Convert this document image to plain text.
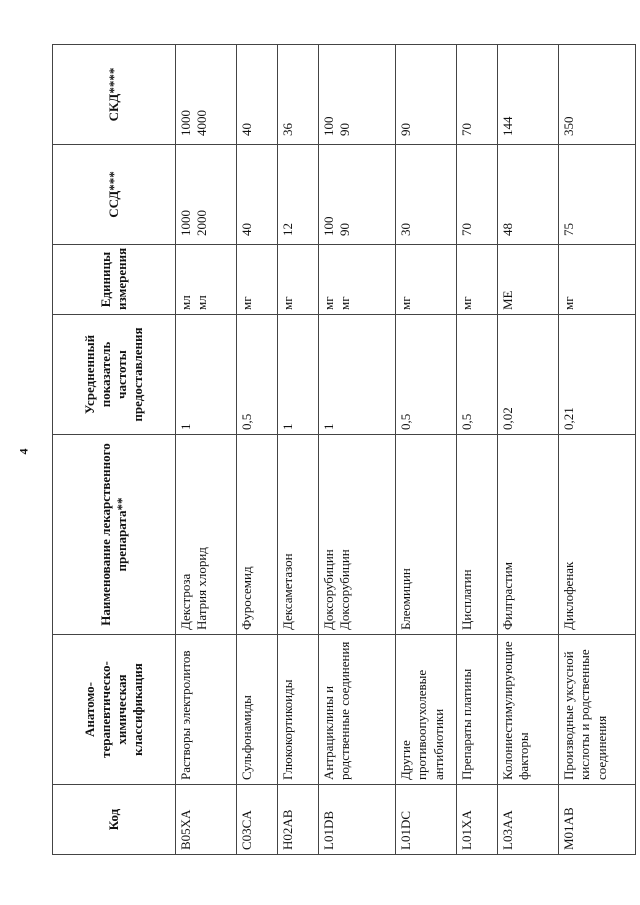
4
Код	Анатомо-терапевтическо-химическая классификация	Наименование лекарственного препарата**	Усредненный показатель частоты предоставления	Единицы измерения	ССД***	СКД****
B05XA	Растворы электролитов	Декстроза Натрия хлорид	1	мл мл	1000 2000	1000 4000

C03CA	Сульфонамиды	Фуросемид	0,5	мг	40	40
H02AB	Глюкокортикоиды	Дексаметазон	1	мг	12	36
L01DB	Антрациклины и родственные соединения	Доксорубицин Доксорубицин	1	мг мг	100 90	100 90

L01DC	Другие противоопухолевые антибиотики	Блеомицин	0,5	мг	30	90
L01XA	Препараты платины	Цисплатин	0,5	мг	70	70
L03AA	Колониестимулирующие факторы	Филграстим	0,02	МЕ	48	144
M01AB	Производные уксусной кислоты и родственные соединения	Диклофенак	0,21	мг	75	350
